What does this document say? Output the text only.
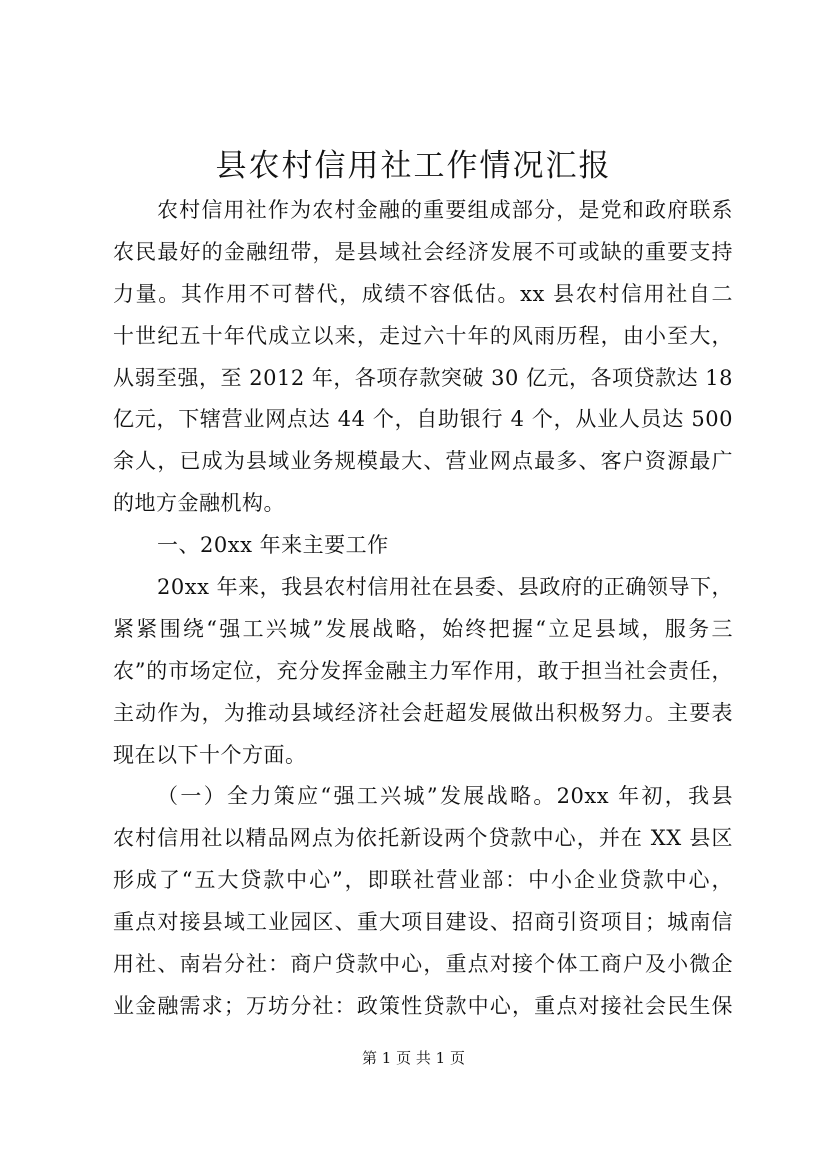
县农村信用社工作情况汇报
农村信用社作为农村金融的重要组成部分，是党和政府联系
农民最好的金融纽带，是县域社会经济发展不可或缺的重要支持
力量。其作用不可替代，成绩不容低估。xx 县农村信用社自二
十世纪五十年代成立以来，走过六十年的风雨历程，由小至大，
从弱至强，至 2012 年，各项存款突破 30 亿元，各项贷款达 18
亿元，下辖营业网点达 44 个，自助银行 4 个，从业人员达 500
余人，已成为县域业务规模最大、营业网点最多、客户资源最广
的地方金融机构。
一、20xx 年来主要工作
20xx 年来，我县农村信用社在县委、县政府的正确领导下，
紧紧围绕“强工兴城”发展战略，始终把握“立足县域，服务三
农”的市场定位，充分发挥金融主力军作用，敢于担当社会责任，
主动作为，为推动县域经济社会赶超发展做出积极努力。主要表
现在以下十个方面。
（一）全力策应“强工兴城”发展战略。20xx 年初，我县
农村信用社以精品网点为依托新设两个贷款中心，并在 XX 县区
形成了“五大贷款中心”，即联社营业部：中小企业贷款中心，
重点对接县域工业园区、重大项目建设、招商引资项目；城南信
用社、南岩分社：商户贷款中心，重点对接个体工商户及小微企
业金融需求；万坊分社：政策性贷款中心，重点对接社会民生保
第 1 页 共 1 页
